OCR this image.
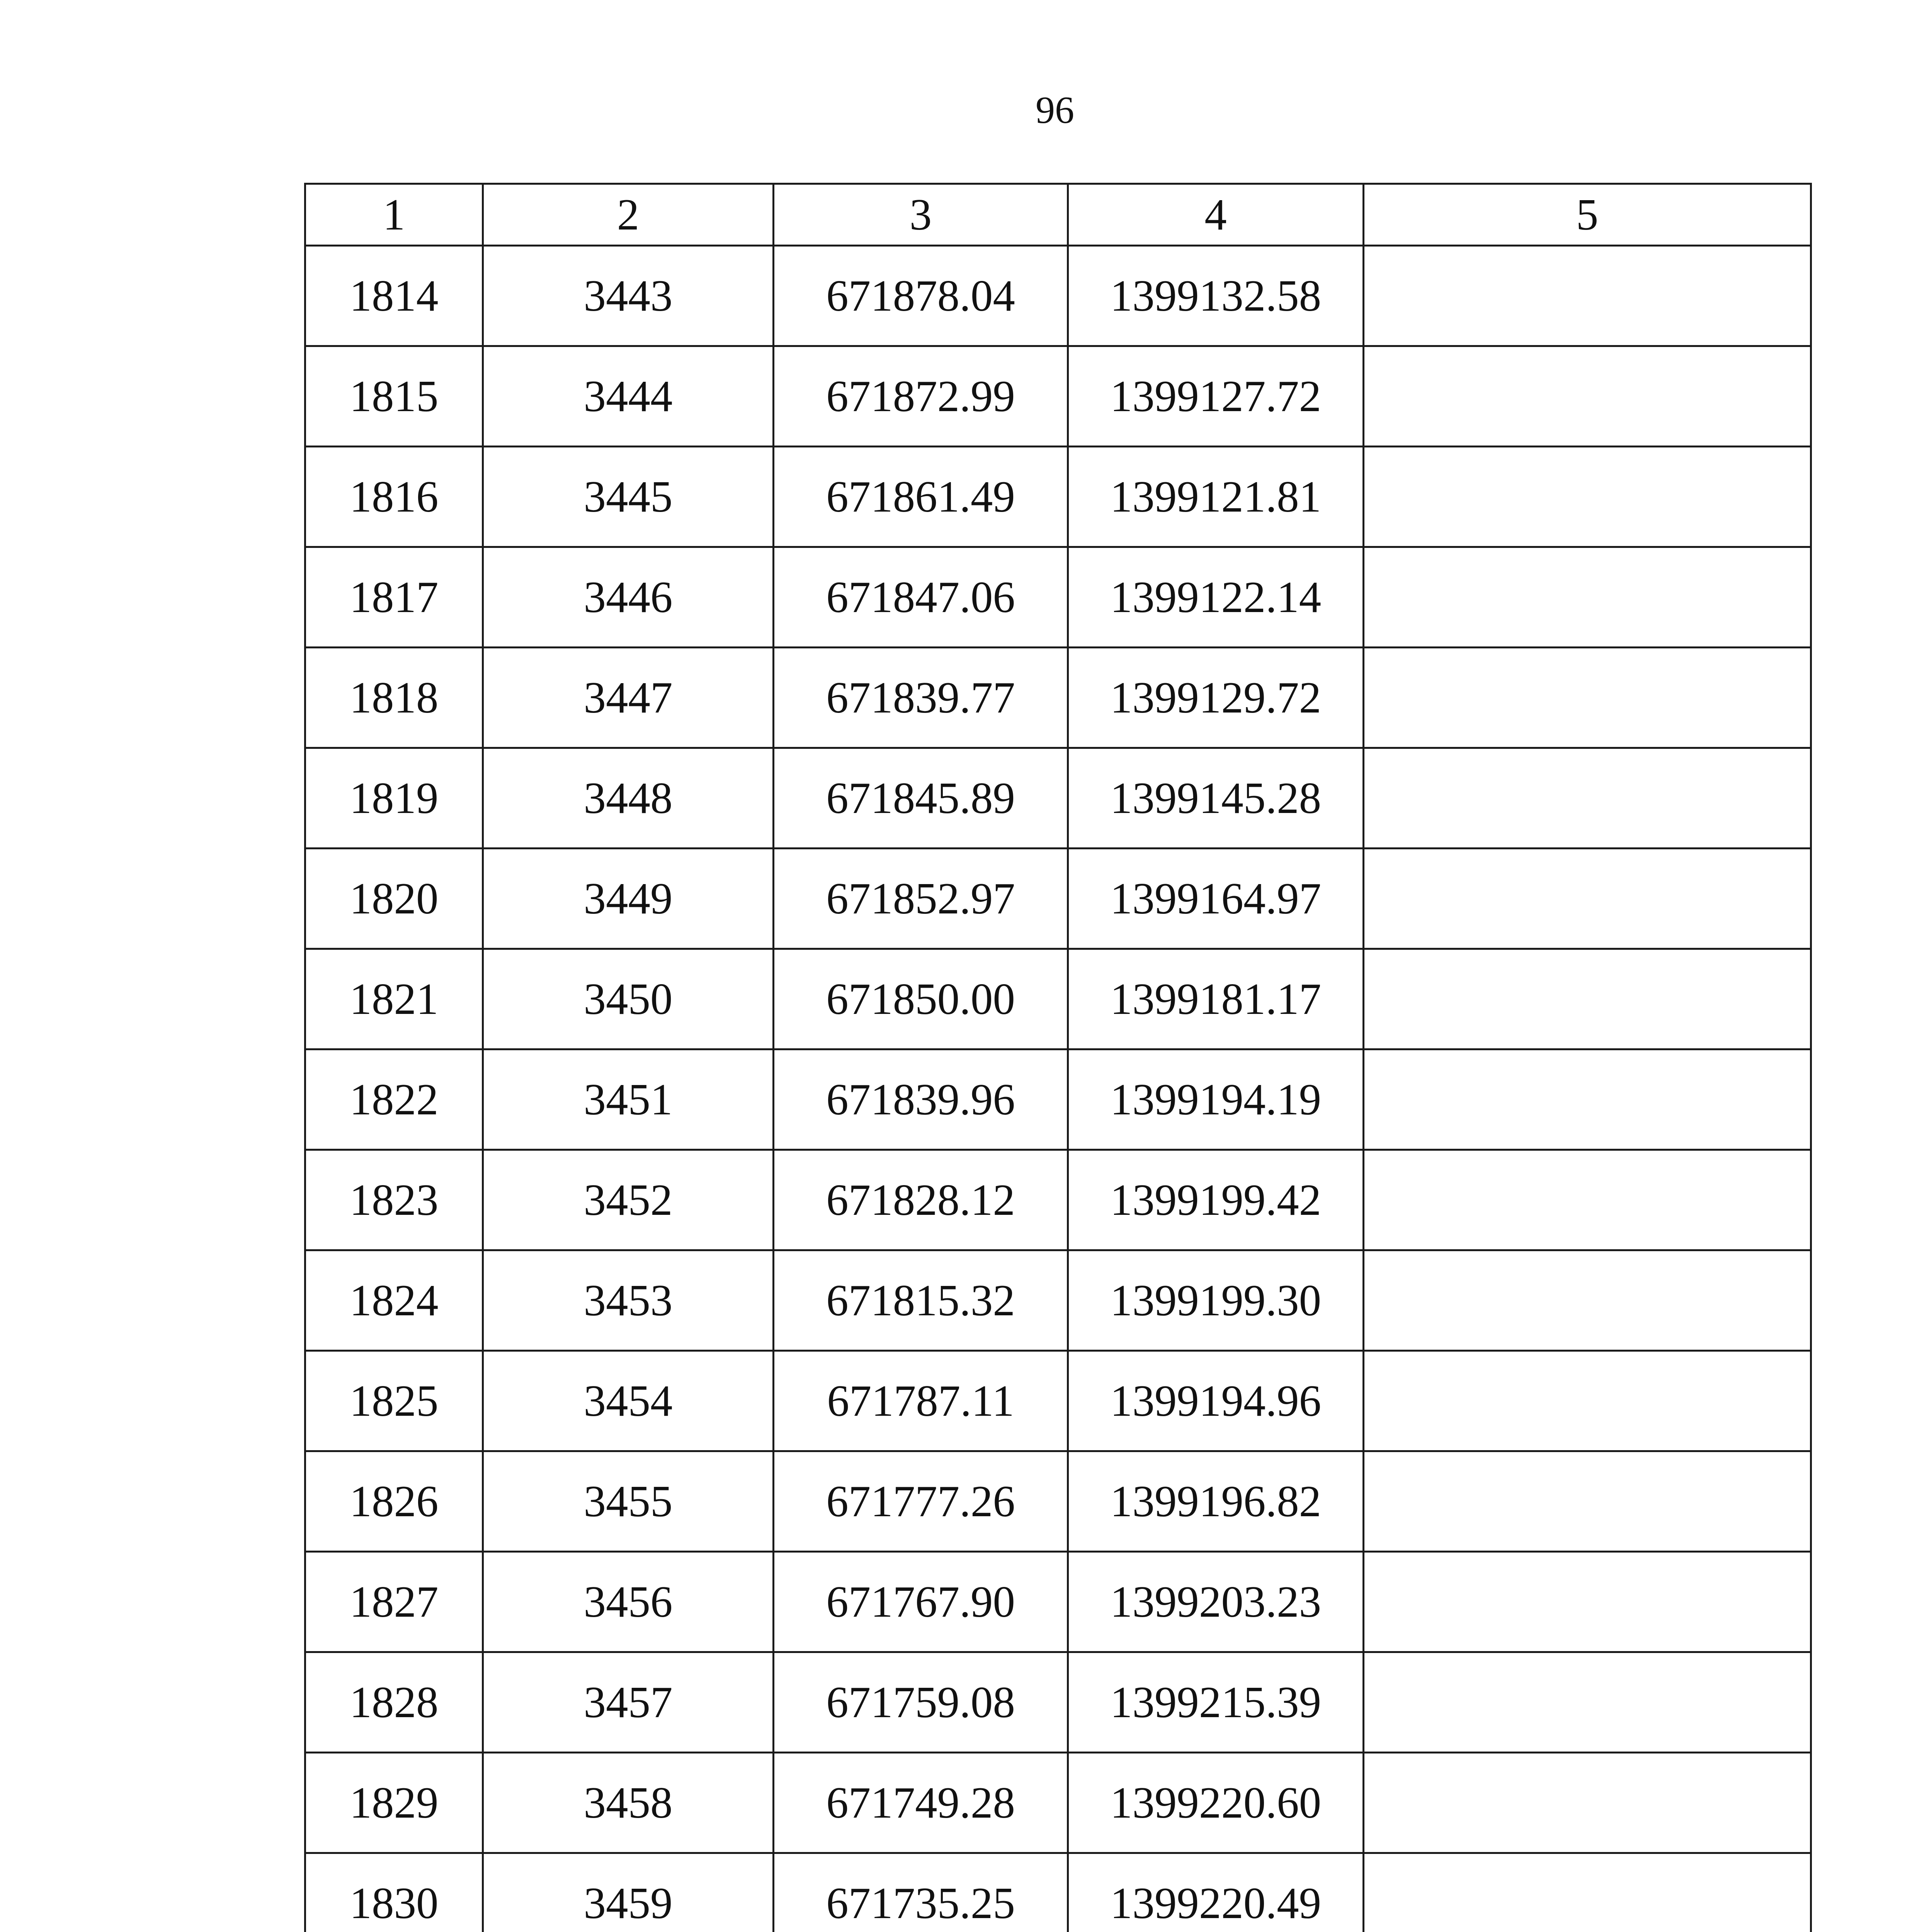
96
1	2	3	4	5
1814	3443	671878.04	1399132.58	
1815	3444	671872.99	1399127.72	
1816	3445	671861.49	1399121.81	
1817	3446	671847.06	1399122.14	
1818	3447	671839.77	1399129.72	
1819	3448	671845.89	1399145.28	
1820	3449	671852.97	1399164.97	
1821	3450	671850.00	1399181.17	
1822	3451	671839.96	1399194.19	
1823	3452	671828.12	1399199.42	
1824	3453	671815.32	1399199.30	
1825	3454	671787.11	1399194.96	
1826	3455	671777.26	1399196.82	
1827	3456	671767.90	1399203.23	
1828	3457	671759.08	1399215.39	
1829	3458	671749.28	1399220.60	
1830	3459	671735.25	1399220.49	
